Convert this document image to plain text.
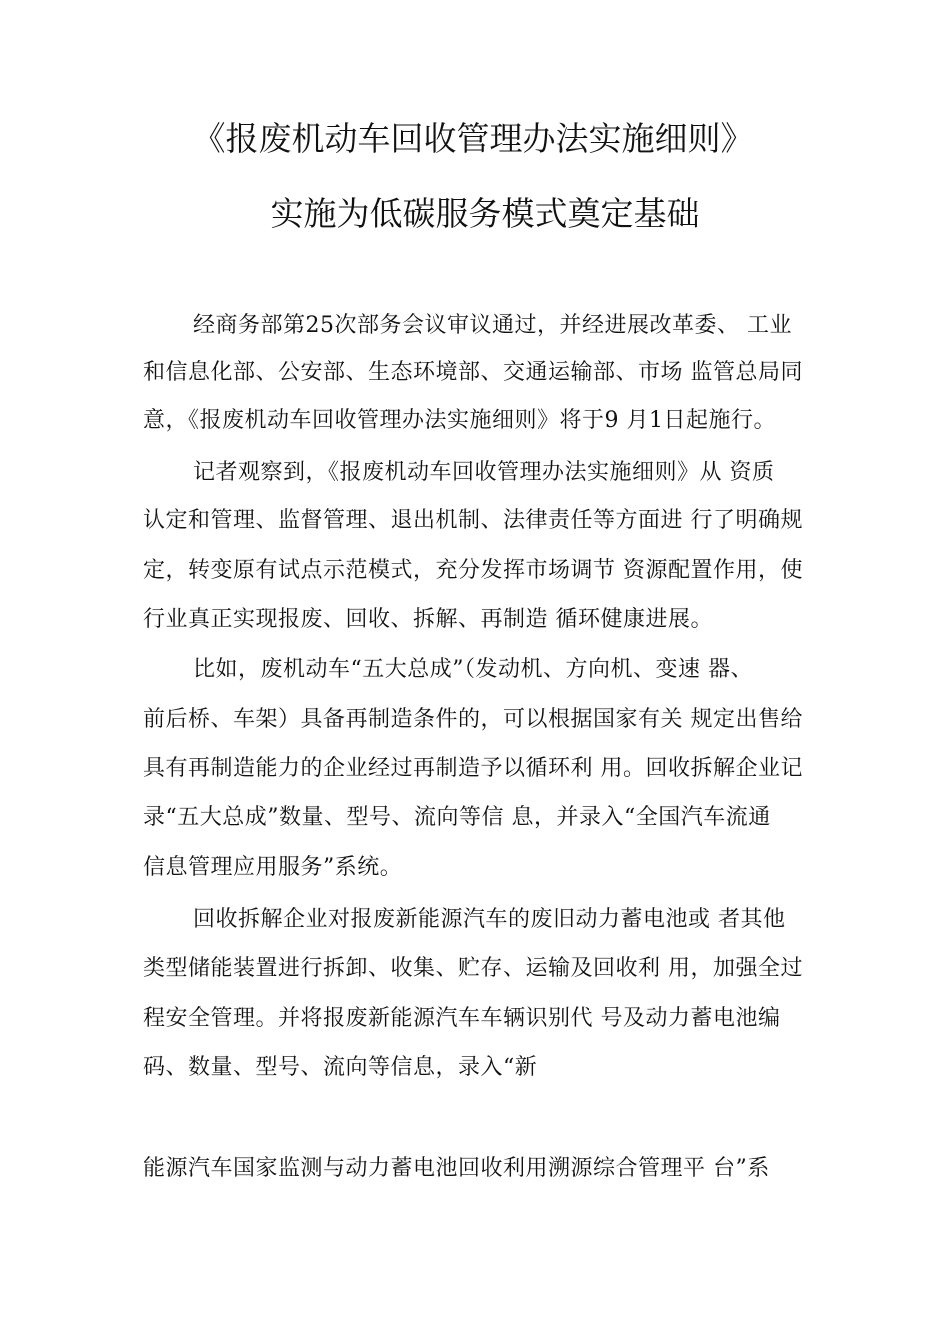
《报废机动车回收管理办法实施细则》
实施为低碳服务模式奠定基础
经商务部第25次部务会议审议通过，并经进展改革委、 工业
和信息化部、公安部、生态环境部、交通运输部、市场 监管总局同
意，《报废机动车回收管理办法实施细则》将于9 月1日起施行。
记者观察到，《报废机动车回收管理办法实施细则》从 资质
认定和管理、监督管理、退出机制、法律责任等方面进 行了明确规
定，转变原有试点示范模式，充分发挥市场调节 资源配置作用，使
行业真正实现报废、回收、拆解、再制造 循环健康进展。
比如，废机动车“五大总成”（发动机、方向机、变速 器、
前后桥、车架）具备再制造条件的，可以根据国家有关 规定出售给
具有再制造能力的企业经过再制造予以循环利 用。回收拆解企业记
录“五大总成”数量、型号、流向等信 息，并录入“全国汽车流通
信息管理应用服务”系统。
回收拆解企业对报废新能源汽车的废旧动力蓄电池或 者其他
类型储能装置进行拆卸、收集、贮存、运输及回收利 用，加强全过
程安全管理。并将报废新能源汽车车辆识别代 号及动力蓄电池编
码、数量、型号、流向等信息，录入“新
能源汽车国家监测与动力蓄电池回收利用溯源综合管理平 台”系
